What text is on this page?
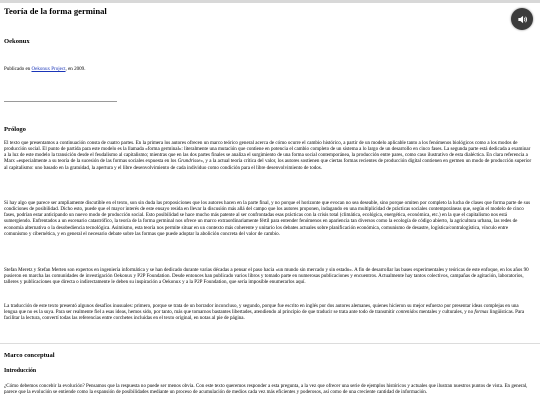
Teoría de la forma germinal
Oekonux

Publicado en Oekonux Project, en 2009.

Prólogo

El texto que presentamos a continuación consta de cuatro partes. En la primera los autores ofrecen un marco teórico general acerca de cómo ocurre el cambio histórico, a partir de un modelo aplicable tanto a los fenómenos biológicos como a los modos de producción social. El punto de partida para este modelo es la llamada «forma germinal»: literalmente una mutación que contiene en potencia el cambio completo de un sistema a lo largo de un desarrollo en cinco fases. La segunda parte está dedicada a examinar a la luz de este modelo la transición desde el feudalismo al capitalismo; mientras que en las dos partes finales se analiza el surgimiento de una forma social contemporánea, la producción entre pares, como caso ilustrativo de esta dialéctica. En clara referencia a Marx «especialmente a su teoría de la sucesión de las formas sociales expuesta en los Grundrisse», y a la actual teoría crítica del valor, los autores sostienen que ciertas formas recientes de producción digital contienen en germen un modo de producción superior al capitalismo: uno basado en la gratuidad, la apertura y el libre desenvolvimiento de cada individuo como condición para el libre desenvolvimiento de todos.

Si hay algo que parece ser ampliamente discutible en el texto, son sin duda las proposiciones que los autores hacen en la parte final, y no porque el horizonte que evocan no sea deseable, sino porque omiten por completo la lucha de clases que forma parte de sus condiciones de posibilidad. Dicho esto, puede que el mayor interés de este ensayo resida en llevar la discusión más allá del campo que los autores proponen, indagando en una multiplicidad de prácticas sociales contemporáneas que, según el modelo de cinco fases, podrían estar anticipando un nuevo modo de producción social. Esto posibilidad se hace mucho más patente al ser confrontadas esas prácticas con la crisis total (climática, ecológica, energética, económica, etc.) en la que el capitalismo nos está sumergiendo. Enfrentados a un escenario catastrófico, la teoría de la forma germinal nos ofrece un marco extraordinariamente fértil para entender fenómenos en apariencia tan diversos como la ecología de código abierto, la agricultura urbana, las redes de economía alternativa o la desobediencia tecnológica. Asimismo, esta teoría nos permite situar en un contexto más coherente y unitario los debates actuales sobre planificación económica, comunismo de desastre, logística/contralogística, vínculo entre comunismo y cibernética, y en general el necesario debate sobre las formas que puede adoptar la abolición concreta del valor de cambio.

Stefan Meretz y Stefan Merten son expertos en ingeniería informática y se han dedicado durante varias décadas a pensar el paso hacia «un mundo sin mercado y sin estado». A fin de desarrollar las bases experimentales y teóricas de este enfoque, en los años 90 pusieron en marcha las comunidades de investigación Oekonux y P2P Foundation. Desde entonces han publicado varios libros y tomado parte en numerosas publicaciones y encuentros. Actualmente hay tantos colectivos, campañas de agitación, laboratorios, talleres y publicaciones que directa o indirectamente le deben su inspiración a Oekonux y a la P2P Foundation, que sería imposible enumerarlos aquí.

La traducción de este texto presentó algunos desafíos inusuales: primero, porque se trata de un borrador inconcluso, y segundo, porque fue escrito en inglés por dos autores alemanes, quienes hicieron su mejor esfuerzo por presentar ideas complejas en una lengua que no es la suya. Para ser realmente fiel a esas ideas, hemos sido, por tanto, más que tomarnos bastantes libertades, atendiendo al principio de que traducir se trata ante todo de transmitir contenidos mentales y culturales, y no formas lingüísticas. Para facilitar la lectura, convertí todas las referencias entre corchetes incluidas en el texto original, en notas al pie de página.

Marco conceptual
Introducción

¿Cómo debemos concebir la evolución? Pensamos que la respuesta no puede ser menos obvia. Con este texto queremos responder a esta pregunta, a la vez que ofrecer una serie de ejemplos históricos y actuales que ilustran nuestros puntos de vista. En general, parece que la evolución se entiende como la expansión de posibilidades mediante un proceso de acumulación de medios cada vez más eficientes y poderosos, así como de una creciente cantidad de información.
